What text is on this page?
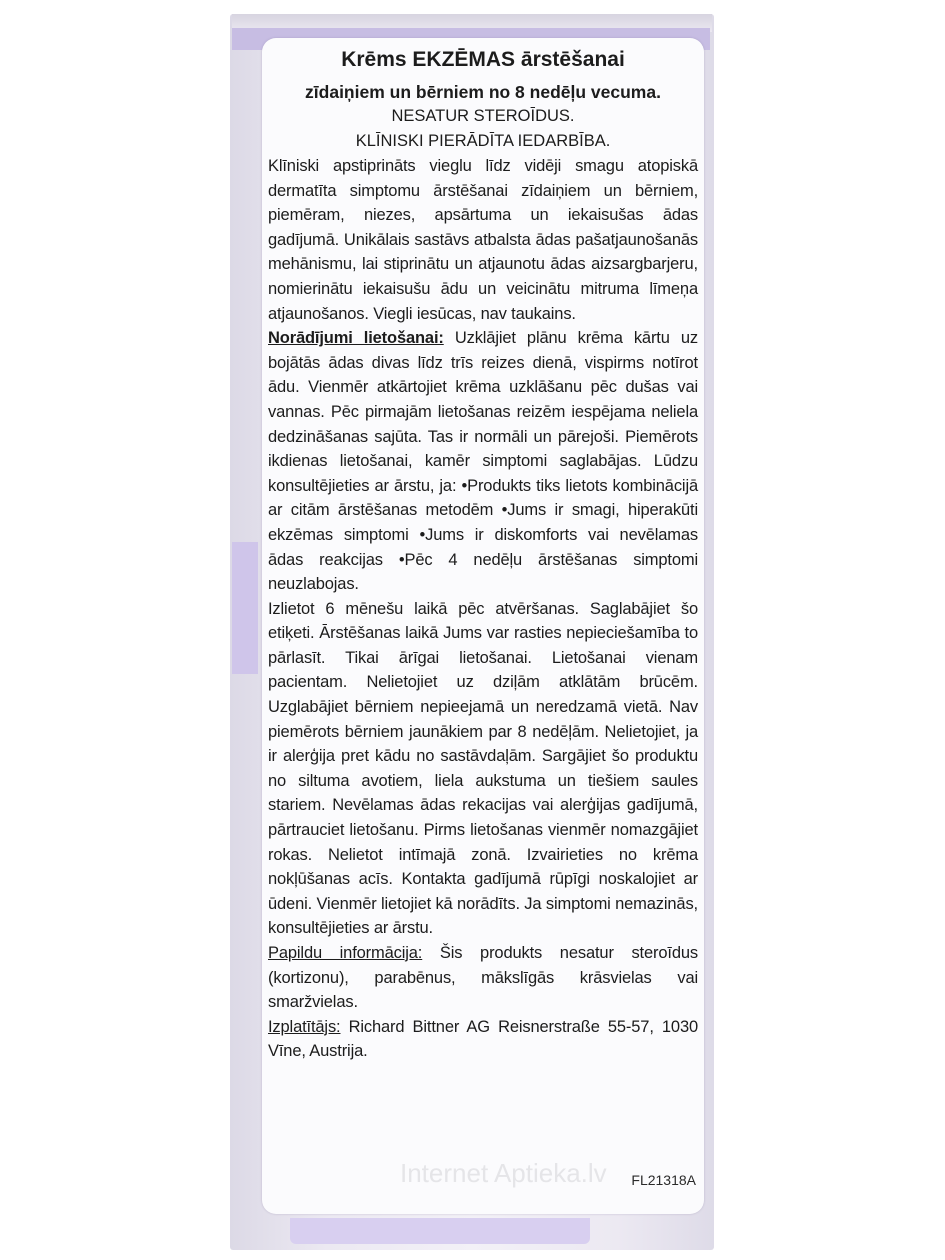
Krēms EKZĒMAS ārstēšanai

zīdaiņiem un bērniem no 8 nedēļu vecuma.

NESATUR STEROĪDUS.

KLĪNISKI PIERĀDĪTA IEDARBĪBA.

Klīniski apstiprināts vieglu līdz vidēji smagu atopiskā dermatīta simptomu ārstēšanai zīdaiņiem un bērniem, piemēram, niezes, apsārtuma un iekaisušas ādas gadījumā. Unikālais sastāvs atbalsta ādas pašatjaunošanās mehānismu, lai stiprinātu un atjaunotu ādas aizsargbarjeru, nomierinātu iekaisušu ādu un veicinātu mitruma līmeņa atjaunošanos. Viegli iesūcas, nav taukains.

Norādījumi lietošanai: Uzklājiet plānu krēma kārtu uz bojātās ādas divas līdz trīs reizes dienā, vispirms notīrot ādu. Vienmēr atkārtojiet krēma uzklāšanu pēc dušas vai vannas. Pēc pirmajām lietošanas reizēm iespējama neliela dedzināšanas sajūta. Tas ir normāli un pārejoši. Piemērots ikdienas lietošanai, kamēr simptomi saglabājas. Lūdzu konsultējieties ar ārstu, ja: •Produkts tiks lietots kombinācijā ar citām ārstēšanas metodēm •Jums ir smagi, hiperakūti ekzēmas simptomi •Jums ir diskomforts vai nevēlamas ādas reakcijas •Pēc 4 nedēļu ārstēšanas simptomi neuzlabojas.

Izlietot 6 mēnešu laikā pēc atvēršanas. Saglabājiet šo etiķeti. Ārstēšanas laikā Jums var rasties nepieciešamība to pārlasīt. Tikai ārīgai lietošanai. Lietošanai vienam pacientam. Nelietojiet uz dziļām atklātām brūcēm. Uzglabājiet bērniem nepieejamā un neredzamā vietā. Nav piemērots bērniem jaunākiem par 8 nedēļām. Nelietojiet, ja ir alerģija pret kādu no sastāvdaļām. Sargājiet šo produktu no siltuma avotiem, liela aukstuma un tiešiem saules stariem. Nevēlamas ādas rekacijas vai alerģijas gadījumā, pārtrauciet lietošanu. Pirms lietošanas vienmēr nomazgājiet rokas. Nelietot intīmajā zonā. Izvairieties no krēma nokļūšanas acīs. Kontakta gadījumā rūpīgi noskalojiet ar ūdeni. Vienmēr lietojiet kā norādīts. Ja simptomi nemazinās, konsultējieties ar ārstu.

Papildu informācija: Šis produkts nesatur steroīdus (kortizonu), parabēnus, mākslīgās krāsvielas vai smaržvielas.

Izplatītājs: Richard Bittner AG Reisnerstraße 55-57, 1030 Vīne, Austrija.

FL21318A
Internet Aptieka.lv
